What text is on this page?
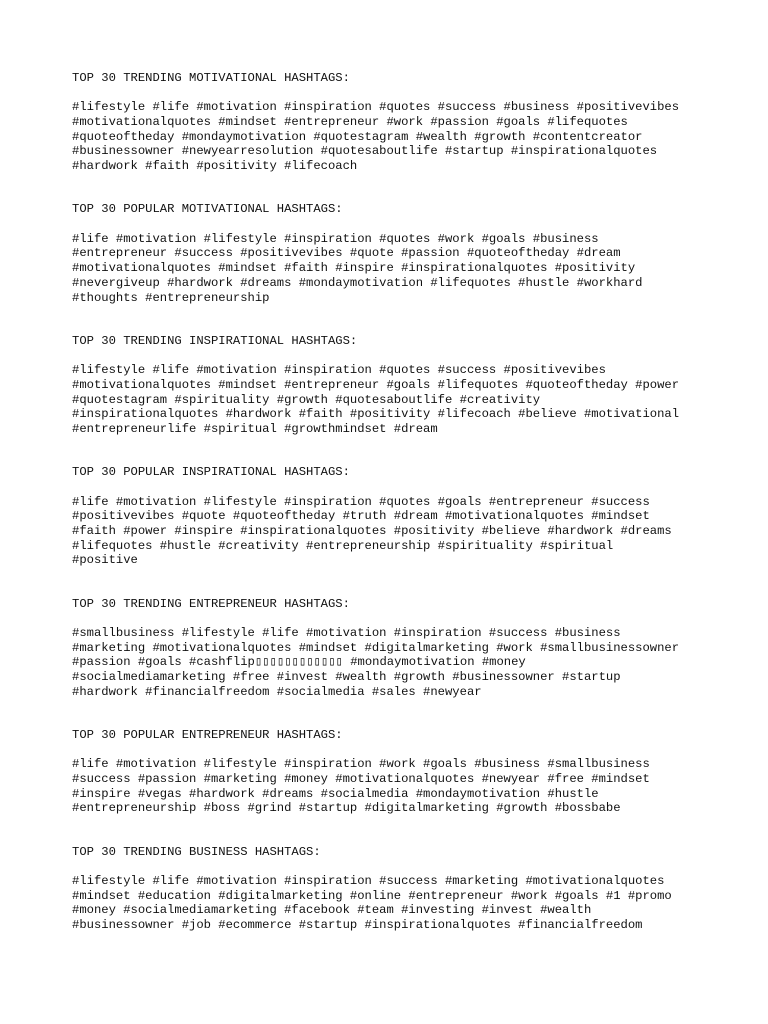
TOP 30 TRENDING MOTIVATIONAL HASHTAGS:

#lifestyle #life #motivation #inspiration #quotes #success #business #positivevibes
#motivationalquotes #mindset #entrepreneur #work #passion #goals #lifequotes
#quoteoftheday #mondaymotivation #quotestagram #wealth #growth #contentcreator
#businessowner #newyearresolution #quotesaboutlife #startup #inspirationalquotes
#hardwork #faith #positivity #lifecoach

TOP 30 POPULAR MOTIVATIONAL HASHTAGS:

#life #motivation #lifestyle #inspiration #quotes #work #goals #business
#entrepreneur #success #positivevibes #quote #passion #quoteoftheday #dream
#motivationalquotes #mindset #faith #inspire #inspirationalquotes #positivity
#nevergiveup #hardwork #dreams #mondaymotivation #lifequotes #hustle #workhard
#thoughts #entrepreneurship

TOP 30 TRENDING INSPIRATIONAL HASHTAGS:

#lifestyle #life #motivation #inspiration #quotes #success #positivevibes
#motivationalquotes #mindset #entrepreneur #goals #lifequotes #quoteoftheday #power
#quotestagram #spirituality #growth #quotesaboutlife #creativity
#inspirationalquotes #hardwork #faith #positivity #lifecoach #believe #motivational
#entrepreneurlife #spiritual #growthmindset #dream

TOP 30 POPULAR INSPIRATIONAL HASHTAGS:

#life #motivation #lifestyle #inspiration #quotes #goals #entrepreneur #success
#positivevibes #quote #quoteoftheday #truth #dream #motivationalquotes #mindset
#faith #power #inspire #inspirationalquotes #positivity #believe #hardwork #dreams
#lifequotes #hustle #creativity #entrepreneurship #spirituality #spiritual
#positive

TOP 30 TRENDING ENTREPRENEUR HASHTAGS:

#smallbusiness #lifestyle #life #motivation #inspiration #success #business
#marketing #motivationalquotes #mindset #digitalmarketing #work #smallbusinessowner
#passion #goals #cashflip▯▯▯▯▯▯▯▯▯▯▯▯ #mondaymotivation #money
#socialmediamarketing #free #invest #wealth #growth #businessowner #startup
#hardwork #financialfreedom #socialmedia #sales #newyear

TOP 30 POPULAR ENTREPRENEUR HASHTAGS:

#life #motivation #lifestyle #inspiration #work #goals #business #smallbusiness
#success #passion #marketing #money #motivationalquotes #newyear #free #mindset
#inspire #vegas #hardwork #dreams #socialmedia #mondaymotivation #hustle
#entrepreneurship #boss #grind #startup #digitalmarketing #growth #bossbabe

TOP 30 TRENDING BUSINESS HASHTAGS:

#lifestyle #life #motivation #inspiration #success #marketing #motivationalquotes
#mindset #education #digitalmarketing #online #entrepreneur #work #goals #1 #promo
#money #socialmediamarketing #facebook #team #investing #invest #wealth
#businessowner #job #ecommerce #startup #inspirationalquotes #financialfreedom
